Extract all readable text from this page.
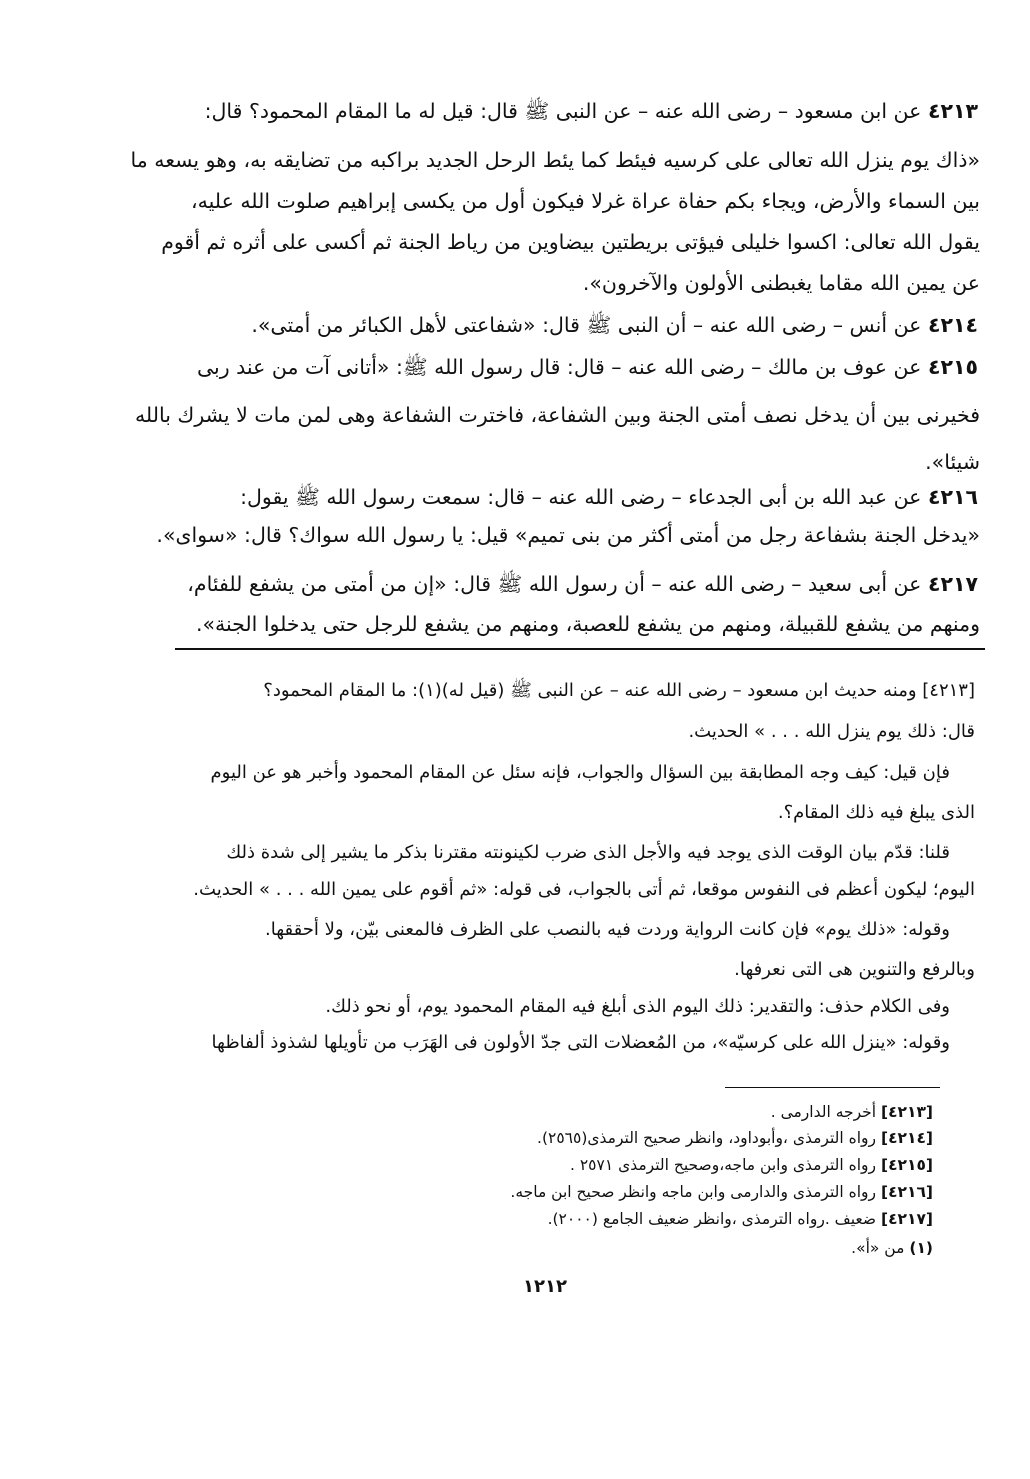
٤٢١٣ عن ابن مسعود – رضى الله عنه – عن النبى ﷺ قال: قيل له ما المقام المحمود؟ قال:
«ذاك يوم ينزل الله تعالى على كرسيه فيئط كما يئط الرحل الجديد براكبه من تضايقه به، وهو يسعه ما
بين السماء والأرض، ويجاء بكم حفاة عراة غرلا فيكون أول من يكسى إبراهيم صلوت الله عليه،
يقول الله تعالى: اكسوا خليلى فيؤتى بريطتين بيضاوين من رياط الجنة ثم أكسى على أثره ثم أقوم
عن يمين الله مقاما يغبطنى الأولون والآخرون».
٤٢١٤ عن أنس – رضى الله عنه – أن النبى ﷺ قال: «شفاعتى لأهل الكبائر من أمتى».
٤٢١٥ عن عوف بن مالك – رضى الله عنه – قال: قال رسول الله ﷺ: «أتانى آت من عند ربى
فخيرنى بين أن يدخل نصف أمتى الجنة وبين الشفاعة، فاخترت الشفاعة وهى لمن مات لا يشرك بالله
شيئا».
٤٢١٦ عن عبد الله بن أبى الجدعاء – رضى الله عنه – قال: سمعت رسول الله ﷺ يقول:
«يدخل الجنة بشفاعة رجل من أمتى أكثر من بنى تميم» قيل: يا رسول الله سواك؟ قال: «سواى».
٤٢١٧ عن أبى سعيد – رضى الله عنه – أن رسول الله ﷺ قال: «إن من أمتى من يشفع للفئام،
ومنهم من يشفع للقبيلة، ومنهم من يشفع للعصبة، ومنهم من يشفع للرجل حتى يدخلوا الجنة».
[٤٢١٣] ومنه حديث ابن مسعود – رضى الله عنه – عن النبى ﷺ (قيل له)(١): ما المقام المحمود؟
قال: ذلك يوم ينزل الله . . . » الحديث.
فإن قيل: كيف وجه المطابقة بين السؤال والجواب، فإنه سئل عن المقام المحمود وأخبر هو عن اليوم
الذى يبلغ فيه ذلك المقام؟.
قلنا: قدّم بيان الوقت الذى يوجد فيه والأجل الذى ضرب لكينونته مقترنا بذكر ما يشير إلى شدة ذلك
اليوم؛ ليكون أعظم فى النفوس موقعا، ثم أتى بالجواب، فى قوله: «ثم أقوم على يمين الله . . . » الحديث.
وقوله: «ذلك يوم» فإن كانت الرواية وردت فيه بالنصب على الظرف فالمعنى بيّن، ولا أحققها.
وبالرفع والتنوين هى التى نعرفها.
وفى الكلام حذف: والتقدير: ذلك اليوم الذى أبلغ فيه المقام المحمود يوم، أو نحو ذلك.
وقوله: «ينزل الله على كرسيّه»، من المُعضلات التى جدّ الأولون فى الهَرَب من تأويلها لشذوذ ألفاظها
[٤٢١٣] أخرجه الدارمى .
[٤٢١٤] رواه الترمذى ،وأبوداود، وانظر صحيح الترمذى(٢٥٦٥).
[٤٢١٥] رواه الترمذى وابن ماجه،وصحيح الترمذى ٢٥٧١ .
[٤٢١٦] رواه الترمذى والدارمى وابن ماجه وانظر صحيح ابن ماجه.
[٤٢١٧] ضعيف .رواه الترمذى ،وانظر ضعيف الجامع (٢٠٠٠).
(١) من «أ».
١٢١٢
